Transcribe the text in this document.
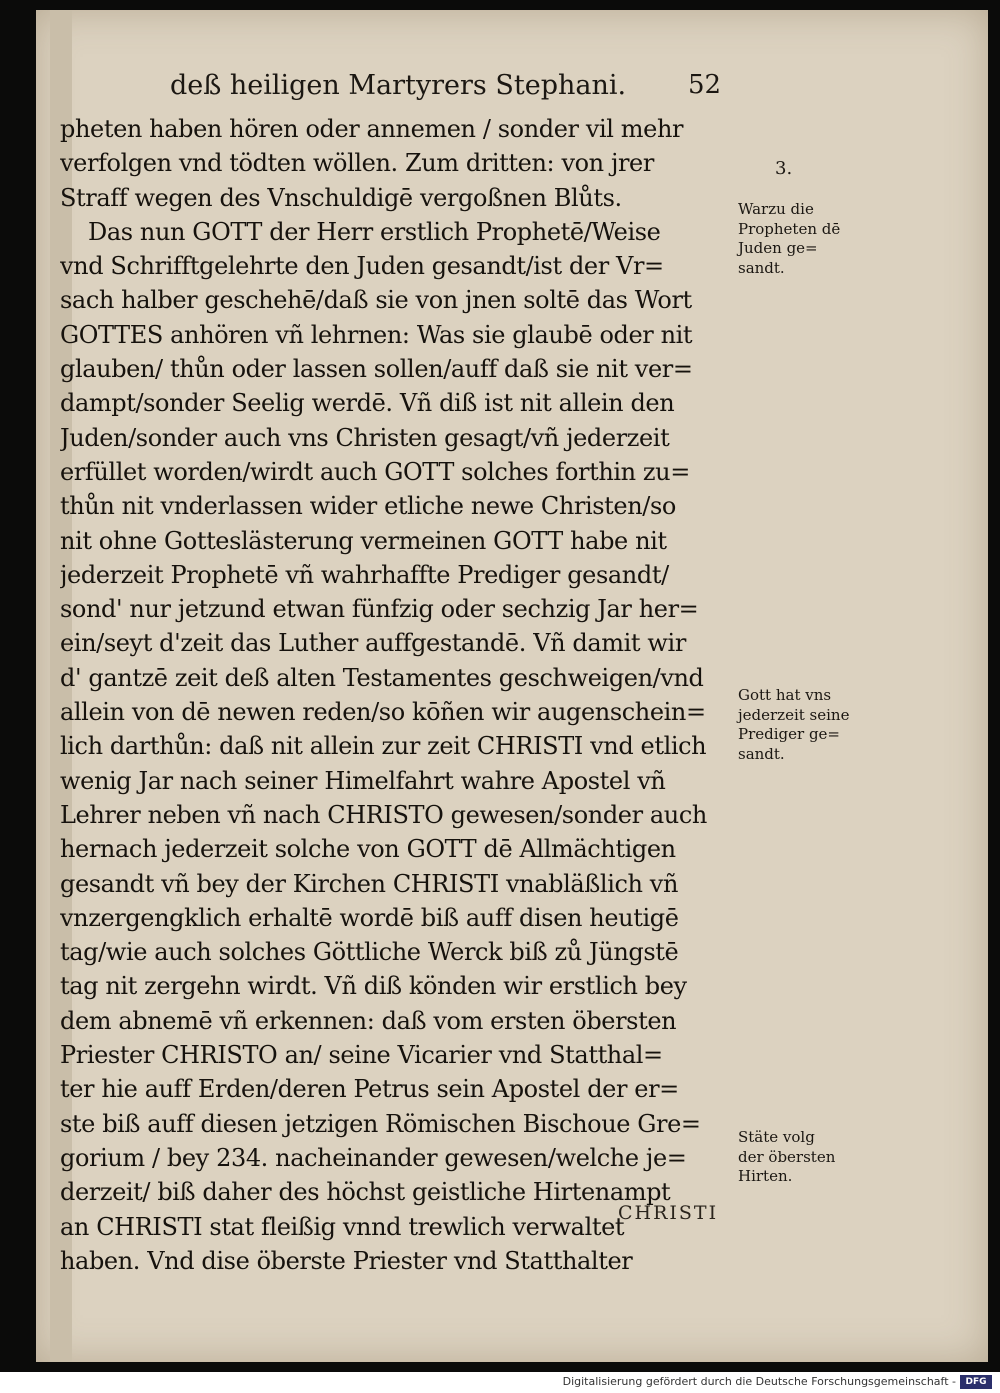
deß heiligen Martyrers Stephani.	52
pheten haben hören oder annemen / sonder vil mehr
verfolgen vnd tödten wöllen. Zum dritten: von jrer
Straff wegen des Vnschuldigē vergoßnen Blůts.
Das nun GOTT der Herr erstlich Prophetē/Weise
vnd Schrifftgelehrte den Juden gesandt/ist der Vr=
sach halber geschehē/daß sie von jnen soltē das Wort
GOTTES anhören vñ lehrnen: Was sie glaubē oder nit
glauben/ thůn oder lassen sollen/auff daß sie nit ver=
dampt/sonder Seelig werdē. Vñ diß ist nit allein den
Juden/sonder auch vns Christen gesagt/vñ jederzeit
erfüllet worden/wirdt auch GOTT solches forthin zu=
thůn nit vnderlassen wider etliche newe Christen/so
nit ohne Gotteslästerung vermeinen GOTT habe nit
jederzeit Prophetē vñ wahrhaffte Prediger gesandt/
sond' nur jetzund etwan fünfzig oder sechzig Jar her=
ein/seyt d'zeit das Luther auffgestandē. Vñ damit wir
d' gantzē zeit deß alten Testamentes geschweigen/vnd
allein von dē newen reden/so kōñen wir augenschein=
lich darthůn: daß nit allein zur zeit CHRISTI vnd etlich
wenig Jar nach seiner Himelfahrt wahre Apostel vñ
Lehrer neben vñ nach CHRISTO gewesen/sonder auch
hernach jederzeit solche von GOTT dē Allmächtigen
gesandt vñ bey der Kirchen CHRISTI vnabläßlich vñ
vnzergengklich erhaltē wordē biß auff disen heutigē
tag/wie auch solches Göttliche Werck biß zů Jüngstē
tag nit zergehn wirdt. Vñ diß könden wir erstlich bey
dem abnemē vñ erkennen: daß vom ersten öbersten
Priester CHRISTO an/ seine Vicarier vnd Statthal=
ter hie auff Erden/deren Petrus sein Apostel der er=
ste biß auff diesen jetzigen Römischen Bischoue Gre=
gorium / bey 234. nacheinander gewesen/welche je=
derzeit/ biß daher des höchst geistliche Hirtenampt
an CHRISTI stat fleißig vnnd trewlich verwaltet
haben. Vnd dise öberste Priester vnd Statthalter
CHRISTI
3.
Warzu die
Propheten dē
Juden ge=
sandt.
Gott hat vns
jederzeit seine
Prediger ge=
sandt.
Stäte volg
der öbersten
Hirten.
Digitalisierung gefördert durch die Deutsche Forschungsgemeinschaft -	DFG
